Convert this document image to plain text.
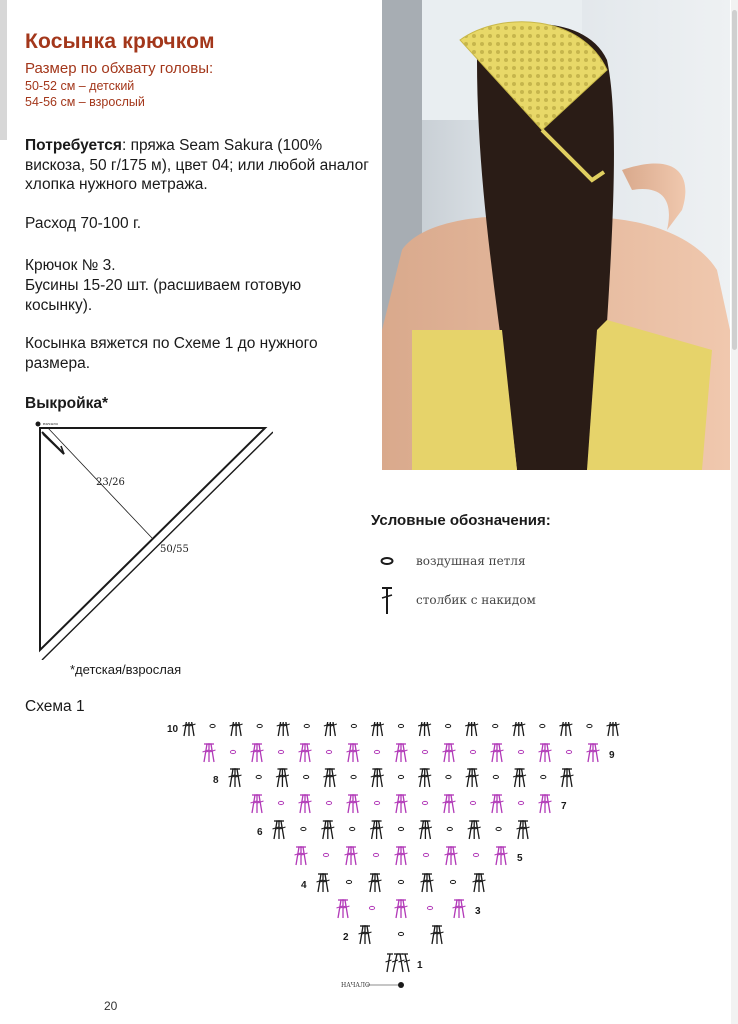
Косынка крючком
Размер по обхвату головы:
50-52 см – детский
54-56 см – взрослый

Потребуется: пряжа Seam Sakura (100% вискоза, 50 г/175 м), цвет 04; или любой аналог хлопка нужного метража.

Расход 70-100 г.

Крючок № 3.

Бусины 15-20 шт. (расшиваем готовую косынку).

Косынка вяжется по Схеме 1 до нужного размера.

Выкройка*
начало
23/26
50/55
*детская/взрослая
Условные обозначения:
воздушная петля
столбик с накидом
Схема 1
НАЧАЛО
1
2
3
4
5
6
7
8
9
10
20
